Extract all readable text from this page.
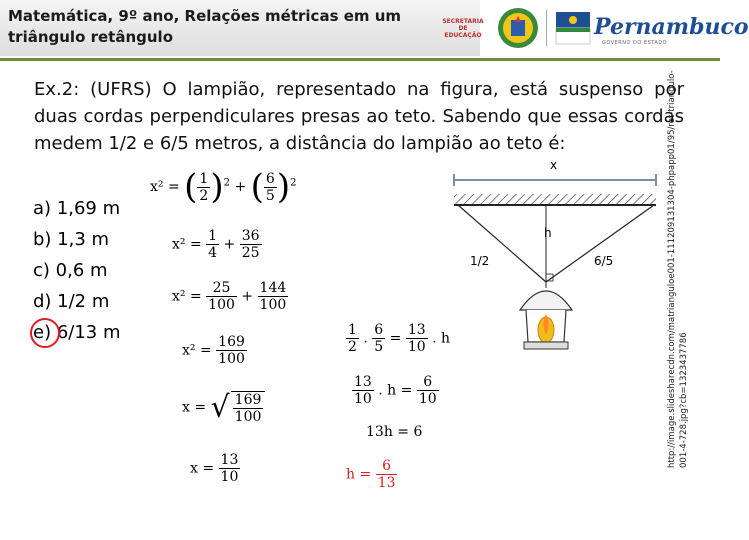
Matemática, 9º ano, Relações métricas em um triângulo retângulo
SECRETARIA DE EDUCAÇÃO	Pernambuco
GOVERNO DO ESTADO
Ex.2: (UFRS) O lampião, representado na figura, está suspenso por duas cordas perpendiculares presas ao teto. Sabendo que essas cordas medem 1/2 e 6/5 metros, a distância do lampião ao teto é:
a) 1,69 m
b) 1,3 m
c) 0,6 m
d) 1/2 m
e) 6/13 m
x² = ( $\frac{1}{2} )^2$ + ( $\frac{6}{5} )^2$
$x^2 = \frac{1}{4} + \frac{36}{25}$
$x^2 = \frac{25}{100} + \frac{144}{100}$
$x^2 = \frac{169}{100}$
x = √ $\frac{169}{100}$
$x = \frac{13}{10}$
$\frac{1}{2}$ . $\frac{6}{5} = \frac{13}{10}$ . h
$\frac{13}{10}$ . $h = \frac{6}{10}$
13h = 6
$h = \frac{6}{13}$
x
h
1/2	6/5	http://image.slidesharecdn.com/matrianguloe001-111209131304-phpapp01/95/ret-triangulo-001-4-728.jpg?cb=1323437786
